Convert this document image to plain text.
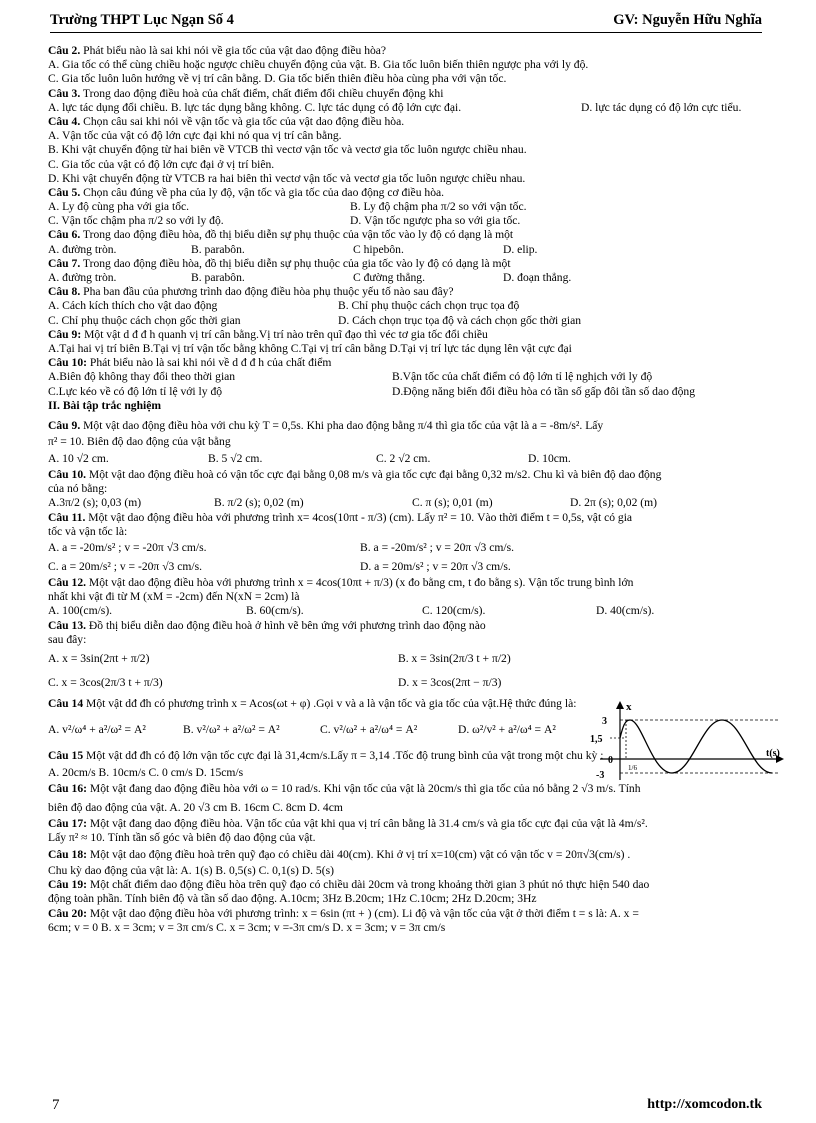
Trường THPT Lục Ngạn Số 4	GV: Nguyễn Hữu Nghĩa
Câu 2. Phát biểu nào là sai khi nói về gia tốc của vật dao động điều hòa?
A. Gia tốc có thể cùng chiều hoặc ngược chiều chuyển động của vật. B. Gia tốc luôn biến thiên ngược pha với ly độ.
C. Gia tốc luôn luôn hướng về vị trí cân bằng. D. Gia tốc biến thiên điều hòa cùng pha với vận tốc.
Câu 3. Trong dao động điều hoà của chất điểm, chất điểm đổi chiều chuyển động khi
A. lực tác dụng đổi chiều. B. lực tác dụng bằng không. C. lực tác dụng có độ lớn cực đại.	D. lực tác dụng có độ lớn cực tiểu.
Câu 4. Chọn câu sai khi nói về vận tốc và gia tốc của vật dao động điều hòa.
A. Vận tốc của vật có độ lớn cực đại khi nó qua vị trí cân bằng.
B. Khi vật chuyển động từ hai biên về VTCB thì vectơ vận tốc và vectơ gia tốc luôn ngược chiều nhau.
C. Gia tốc của vật có độ lớn cực đại ở vị trí biên.
D. Khi vật chuyển động từ VTCB ra hai biên thì vectơ vận tốc và vectơ gia tốc luôn ngược chiều nhau.
Câu 5. Chọn câu đúng về pha của ly độ, vận tốc và gia tốc của dao động cơ điều hòa.
A. Ly độ cùng pha với gia tốc.	B. Ly độ chậm pha π/2 so với vận tốc.
C. Vận tốc chậm pha π/2 so với ly độ.	D. Vận tốc ngược pha so với gia tốc.
Câu 6. Trong dao động điều hòa, đồ thị biểu diễn sự phụ thuộc của vận tốc vào ly độ có dạng là một
A. đường tròn.	B. parabôn.	C hipebôn.	D. elip.
Câu 7. Trong dao động điều hòa, đồ thị biểu diễn sự phụ thuộc của gia tốc vào ly độ có dạng là một
A. đường tròn.	B. parabôn.	C đường thẳng.	D. đoạn thẳng.
Câu 8. Pha ban đầu của phương trình dao động điều hòa phụ thuộc yếu tố nào sau đây?
A. Cách kích thích cho vật dao động	B. Chỉ phụ thuộc cách chọn trục tọa độ
C. Chỉ phụ thuộc cách chọn gốc thời gian	D. Cách chọn trục tọa độ và cách chọn gốc thời gian
Câu 9: Một vật d đ đ h quanh vị trí cân bằng.Vị trí nào trên quĩ đạo thì véc tơ gia tốc đổi chiều
A.Tại hai vị trí biên B.Tại vị trí vận tốc bằng không C.Tại vị trí cân bằng D.Tại vị trí lực tác dụng lên vật cực đại
Câu 10: Phát biểu nào là sai khi nói về d đ đ h của chất điểm
A.Biên độ không thay đổi theo thời gian	B.Vận tốc của chất điểm có độ lớn tỉ lệ nghịch với ly độ
C.Lực kéo về có độ lớn tỉ lệ với ly độ	D.Động năng biến đổi điều hòa có tần số gấp đôi tần số dao động
II. Bài tập trắc nghiệm
Câu 9. Một vật dao động điều hòa với chu kỳ T = 0,5s. Khi pha dao động bằng π/4 thì gia tốc của vật là a = -8m/s². Lấy
π² = 10. Biên độ dao động của vật bằng
A. 10 √2 cm.	B. 5 √2 cm.	C. 2 √2 cm.	D. 10cm.
Câu 10. Một vật dao động điều hoà có vận tốc cực đại bằng 0,08 m/s và gia tốc cực đại bằng 0,32 m/s2. Chu kì và biên độ dao động
của nó bằng:
A.3π/2 (s); 0,03 (m)	B. π/2 (s); 0,02 (m)	C. π (s); 0,01 (m)	D. 2π (s); 0,02 (m)
Câu 11. Một vật dao động điều hòa với phương trình x= 4cos(10πt - π/3) (cm). Lấy π² = 10. Vào thời điểm t = 0,5s, vật có gia
tốc và vận tốc là:
A. a = -20m/s² ; v = -20π √3 cm/s.	B. a = -20m/s² ; v = 20π √3 cm/s.
C. a = 20m/s² ; v = -20π √3 cm/s.	D. a = 20m/s² ; v = 20π √3 cm/s.
Câu 12. Một vật dao động điều hòa với phương trình x = 4cos(10πt + π/3) (x đo bằng cm, t đo bằng s). Vận tốc trung bình lớn
nhất khi vật đi từ M (xM = -2cm) đến N(xN = 2cm) là
A. 100(cm/s).	B. 60(cm/s).	C. 120(cm/s).	D. 40(cm/s).
Câu 13. Đồ thị biểu diễn dao động điều hoà ở hình vẽ bên ứng với phương trình dao động nào
sau đây:
A. x = 3sin(2πt + π/2)	B. x = 3sin(2π/3 t + π/2)
C. x = 3cos(2π/3 t + π/3)	D. x = 3cos(2πt − π/3)
Câu 14 Một vật dđ đh có phương trình x = Acos(ωt + φ) .Gọi v và a là vận tốc và gia tốc của vật.Hệ thức đúng là:
A. v²/ω⁴ + a²/ω² = A²	B. v²/ω² + a²/ω² = A²	C. v²/ω² + a²/ω⁴ = A²	D. ω²/v² + a²/ω⁴ = A²
Câu 15 Một vật dđ đh có độ lớn vận tốc cực đại là 31,4cm/s.Lấy π = 3,14 .Tốc độ trung bình của vật trong một chu kỳ :
A. 20cm/s B. 10cm/s C. 0 cm/s D. 15cm/s
Câu 16: Một vật đang dao động điều hòa với ω = 10 rad/s. Khi vận tốc của vật là 20cm/s thì gia tốc của nó bằng 2 √3 m/s. Tính
biên độ dao động của vật. A. 20 √3 cm B. 16cm C. 8cm D. 4cm
Câu 17: Một vật đang dao động điều hòa. Vận tốc của vật khi qua vị trí cân bằng là 31.4 cm/s và gia tốc cực đại của vật là 4m/s².
Lấy π² ≈ 10. Tính tần số góc và biên độ dao động của vật.
Câu 18: Một vật dao động điều hoà trên quỹ đạo có chiều dài 40(cm). Khi ở vị trí x=10(cm) vật có vận tốc v = 20π√3(cm/s) .
Chu kỳ dao động của vật là: A. 1(s) B. 0,5(s) C. 0,1(s) D. 5(s)
Câu 19: Một chất điểm dao động điều hòa trên quỹ đạo có chiều dài 20cm và trong khoảng thời gian 3 phút nó thực hiện 540 dao
động toàn phần. Tính biên độ và tần số dao động. A.10cm; 3Hz B.20cm; 1Hz C.10cm; 2Hz D.20cm; 3Hz
Câu 20: Một vật dao động điều hòa với phương trình: x = 6sin (πt + ) (cm). Li độ và vận tốc của vật ở thời điểm t = s là: A. x =
6cm; v = 0 B. x = 3cm; v = 3π cm/s C. x = 3cm; v =-3π cm/s D. x = 3cm; v = 3π cm/s
x
t(s)
3
1,5
0
-3
1/6
7	http://xomcodon.tk
